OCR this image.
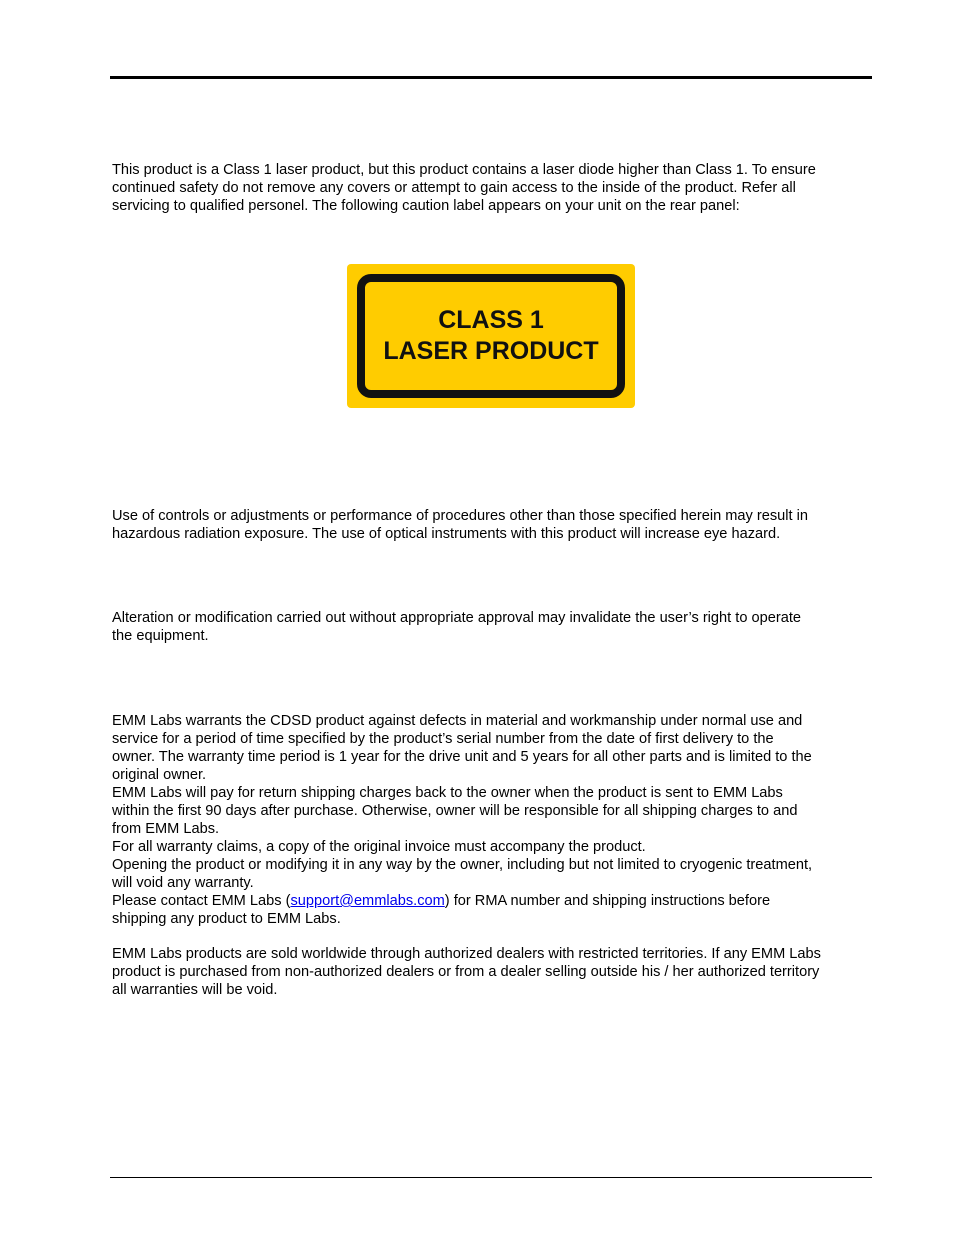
This product is a Class 1 laser product, but this product contains a laser diode higher than Class 1. To ensure
continued safety do not remove any covers or attempt to gain access to the inside of the product. Refer all
servicing to qualified personel. The following caution label appears on your unit on the rear panel:
CLASS 1
LASER PRODUCT
Use of controls or adjustments or performance of procedures other than those specified herein may result in
hazardous radiation exposure. The use of optical instruments with this product will increase eye hazard.
Alteration or modification carried out without appropriate approval may invalidate the user’s right to operate
the equipment.
EMM Labs warrants the CDSD product against defects in material and workmanship under normal use and
service for a period of time specified by the product’s serial number from the date of first delivery to the
owner. The warranty time period is 1 year for the drive unit and 5 years for all other parts and is limited to the
original owner.
EMM Labs will pay for return shipping charges back to the owner when the product is sent to EMM Labs
within the first 90 days after purchase. Otherwise, owner will be responsible for all shipping charges to and
from EMM Labs.
For all warranty claims, a copy of the original invoice must accompany the product.
Opening the product or modifying it in any way by the owner, including but not limited to cryogenic treatment,
will void any warranty.
Please contact EMM Labs (support@emmlabs.com) for RMA number and shipping instructions before
shipping any product to EMM Labs.
EMM Labs products are sold worldwide through authorized dealers with restricted territories. If any EMM Labs
product is purchased from non-authorized dealers or from a dealer selling outside his / her authorized territory
all warranties will be void.
